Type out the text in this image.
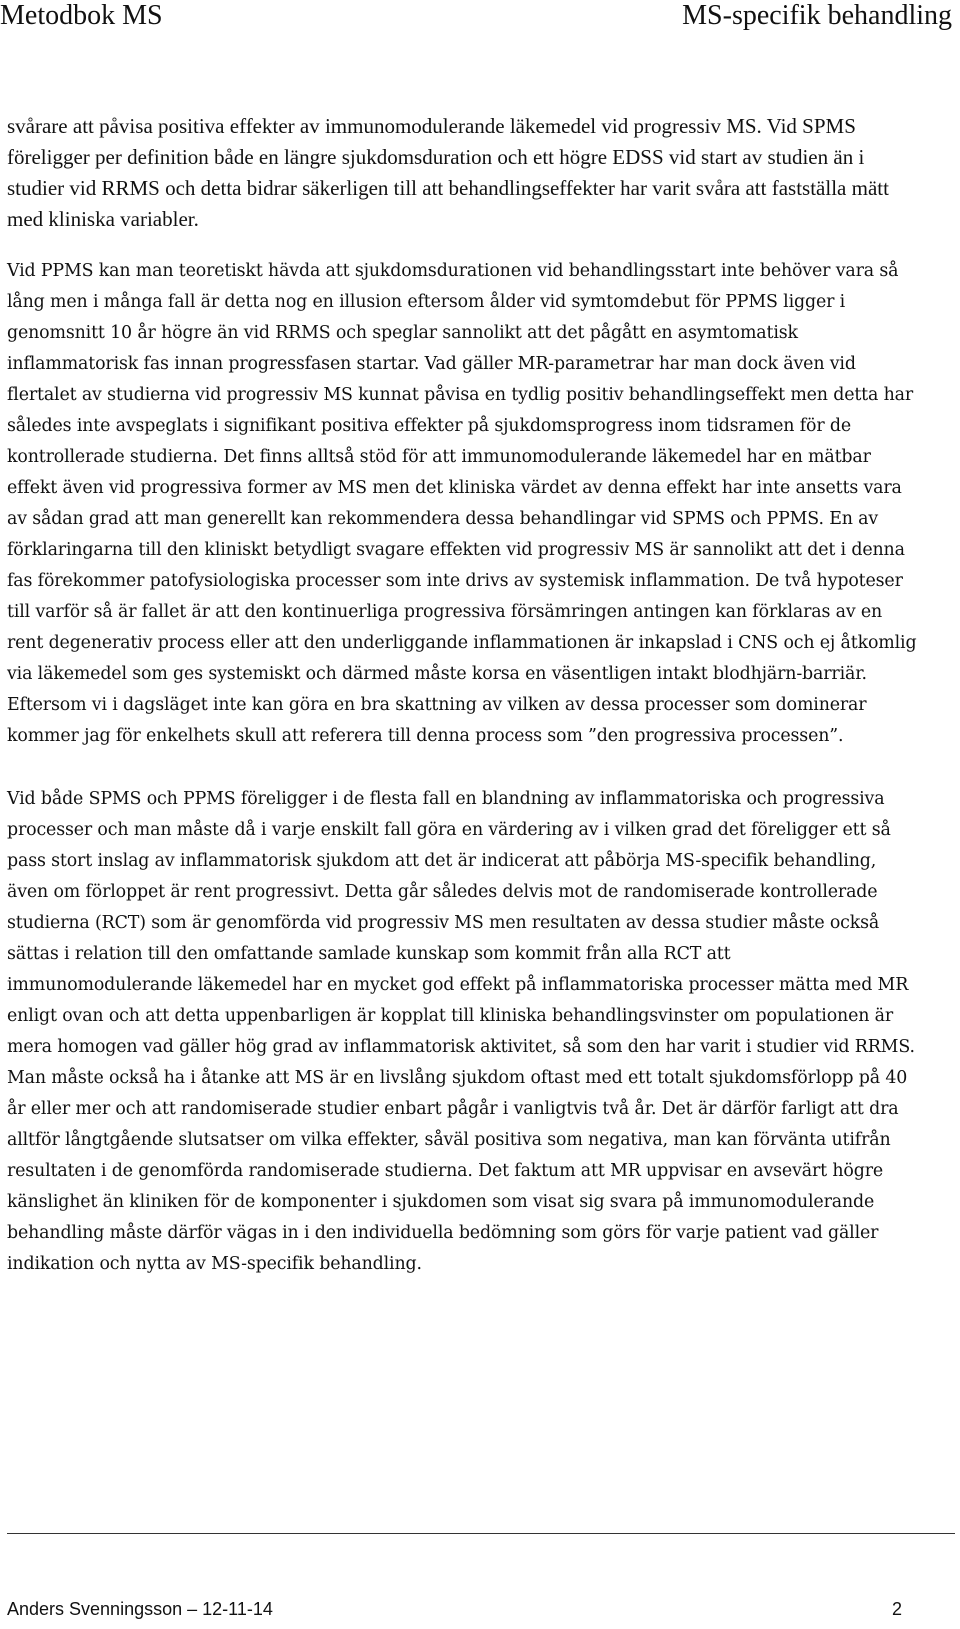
Metodbok MS	MS-specifik behandling

svårare att påvisa positiva effekter av immunomodulerande läkemedel vid progressiv MS. Vid SPMS föreligger per definition både en längre sjukdomsduration och ett högre EDSS vid start av studien än i studier vid RRMS och detta bidrar säkerligen till att behandlingseffekter har varit svåra att fastställa mätt med kliniska variabler.

Vid PPMS kan man teoretiskt hävda att sjukdomsdurationen vid behandlingsstart inte behöver vara så lång men i många fall är detta nog en illusion eftersom ålder vid symtomdebut för PPMS ligger i genomsnitt 10 år högre än vid RRMS och speglar sannolikt att det pågått en asymtomatisk inflammatorisk fas innan progressfasen startar. Vad gäller MR-parametrar har man dock även vid flertalet av studierna vid progressiv MS kunnat påvisa en tydlig positiv behandlingseffekt men detta har således inte avspeglats i signifikant positiva effekter på sjukdomsprogress inom tidsramen för de kontrollerade studierna. Det finns alltså stöd för att immunomodulerande läkemedel har en mätbar effekt även vid progressiva former av MS men det kliniska värdet av denna effekt har inte ansetts vara av sådan grad att man generellt kan rekommendera dessa behandlingar vid SPMS och PPMS. En av förklaringarna till den kliniskt betydligt svagare effekten vid progressiv MS är sannolikt att det i denna fas förekommer patofysiologiska processer som inte drivs av systemisk inflammation. De två hypoteser till varför så är fallet är att den kontinuerliga progressiva försämringen antingen kan förklaras av en rent degenerativ process eller att den underliggande inflammationen är inkapslad i CNS och ej åtkomlig via läkemedel som ges systemiskt och därmed måste korsa en väsentligen intakt blodhjärn-barriär. Eftersom vi i dagsläget inte kan göra en bra skattning av vilken av dessa processer som dominerar kommer jag för enkelhets skull att referera till denna process som ”den progressiva processen”.

Vid både SPMS och PPMS föreligger i de flesta fall en blandning av inflammatoriska och progressiva processer och man måste då i varje enskilt fall göra en värdering av i vilken grad det föreligger ett så pass stort inslag av inflammatorisk sjukdom att det är indicerat att påbörja MS-specifik behandling, även om förloppet är rent progressivt. Detta går således delvis mot de randomiserade kontrollerade studierna (RCT) som är genomförda vid progressiv MS men resultaten av dessa studier måste också sättas i relation till den omfattande samlade kunskap som kommit från alla RCT att immunomodulerande läkemedel har en mycket god effekt på inflammatoriska processer mätta med MR enligt ovan och att detta uppenbarligen är kopplat till kliniska behandlingsvinster om populationen är mera homogen vad gäller hög grad av inflammatorisk aktivitet, så som den har varit i studier vid RRMS. Man måste också ha i åtanke att MS är en livslång sjukdom oftast med ett totalt sjukdomsförlopp på 40 år eller mer och att randomiserade studier enbart pågår i vanligtvis två år. Det är därför farligt att dra alltför långtgående slutsatser om vilka effekter, såväl positiva som negativa, man kan förvänta utifrån resultaten i de genomförda randomiserade studierna. Det faktum att MR uppvisar en avsevärt högre känslighet än kliniken för de komponenter i sjukdomen som visat sig svara på immunomodulerande behandling måste därför vägas in i den individuella bedömning som görs för varje patient vad gäller indikation och nytta av MS-specifik behandling.

Anders Svenningsson – 12-11-14	2
